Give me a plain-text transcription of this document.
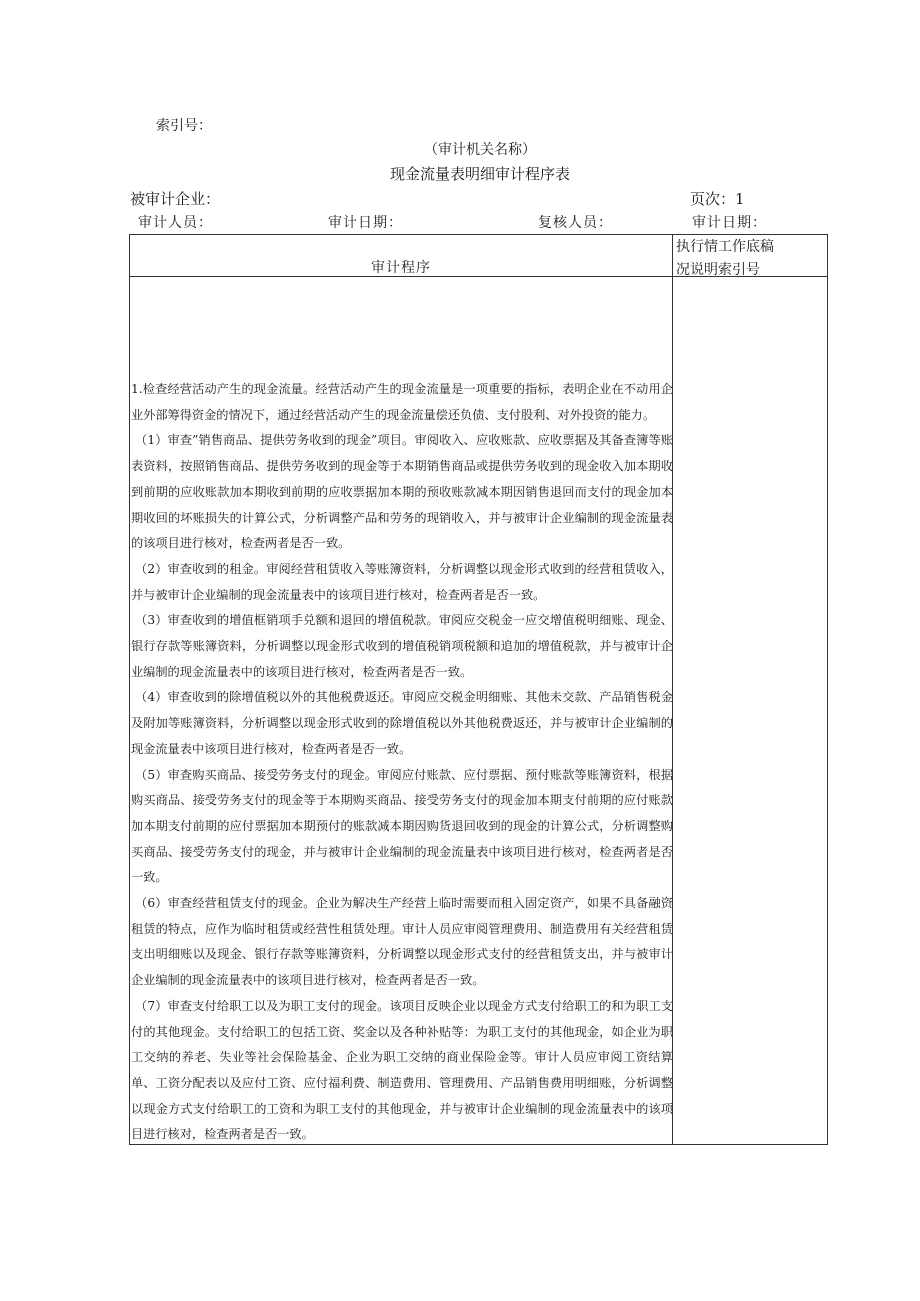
索引号：
（审计机关名称）
现金流量表明细审计程序表
被审计企业：	页次：1
审计人员：	审计日期：	复核人员：	审计日期：
审计程序
执行情工作底稿
况说明索引号

1.检查经营活动产生的现金流量。经营活动产生的现金流量是一项重要的指标，表明企业在不动用企业外部筹得资金的情况下，通过经营活动产生的现金流量偿还负债、支付股利、对外投资的能力。

（1）审查”销售商品、提供劳务收到的现金”项目。审阅收入、应收账款、应收票据及其备查簿等账表资料，按照销售商品、提供劳务收到的现金等于本期销售商品或提供劳务收到的现金收入加本期收到前期的应收账款加本期收到前期的应收票据加本期的预收账款减本期因销售退回而支付的现金加本期收回的坏账损失的计算公式，分析调整产品和劳务的现销收入，并与被审计企业编制的现金流量表的该项目进行核对，检查两者是否一致。

（2）审查收到的租金。审阅经营租赁收入等账簿资料，分析调整以现金形式收到的经营租赁收入，并与被审计企业编制的现金流量表中的该项目进行核对，检查两者是否一致。

（3）审查收到的增值框销项手兑额和退回的增值税款。审阅应交税金一应交增值税明细账、现金、银行存款等账簿资料，分析调整以现金形式收到的增值税销项税额和追加的增值税款，并与被审计企业编制的现金流量表中的该项目进行核对，检查两者是否一致。

（4）审查收到的除增值税以外的其他税费返还。审阅应交税金明细账、其他未交款、产品销售税金及附加等账簿资料，分析调整以现金形式收到的除增值税以外其他税费返还，并与被审计企业编制的现金流量表中该项目进行核对，检查两者是否一致。

（5）审查购买商品、接受劳务支付的现金。审阅应付账款、应付票据、预付账款等账簿资料，根据购买商品、接受劳务支付的现金等于本期购买商品、接受劳务支付的现金加本期支付前期的应付账款加本期支付前期的应付票据加本期预付的账款减本期因购货退回收到的现金的计算公式，分析调整购买商品、接受劳务支付的现金，并与被审计企业编制的现金流量表中该项目进行核对，检查两者是否一致。

（6）审查经营租赁支付的现金。企业为解决生产经营上临时需要而租入固定资产，如果不具备融资租赁的特点，应作为临时租赁或经营性租赁处理。审计人员应审阅管理费用、制造费用有关经营租赁支出明细账以及现金、银行存款等账簿资料，分析调整以现金形式支付的经营租赁支出，并与被审计企业编制的现金流量表中的该项目进行核对，检查两者是否一致。

（7）审查支付给职工以及为职工支付的现金。该项目反映企业以现金方式支付给职工的和为职工支付的其他现金。支付给职工的包括工资、奖金以及各种补贴等：为职工支付的其他现金，如企业为职工交纳的养老、失业等社会保险基金、企业为职工交纳的商业保险金等。审计人员应审阅工资结算单、工资分配表以及应付工资、应付福利费、制造费用、管理费用、产品销售费用明细账，分析调整以现金方式支付给职工的工资和为职工支付的其他现金，并与被审计企业编制的现金流量表中的该项目进行核对，检查两者是否一致。
